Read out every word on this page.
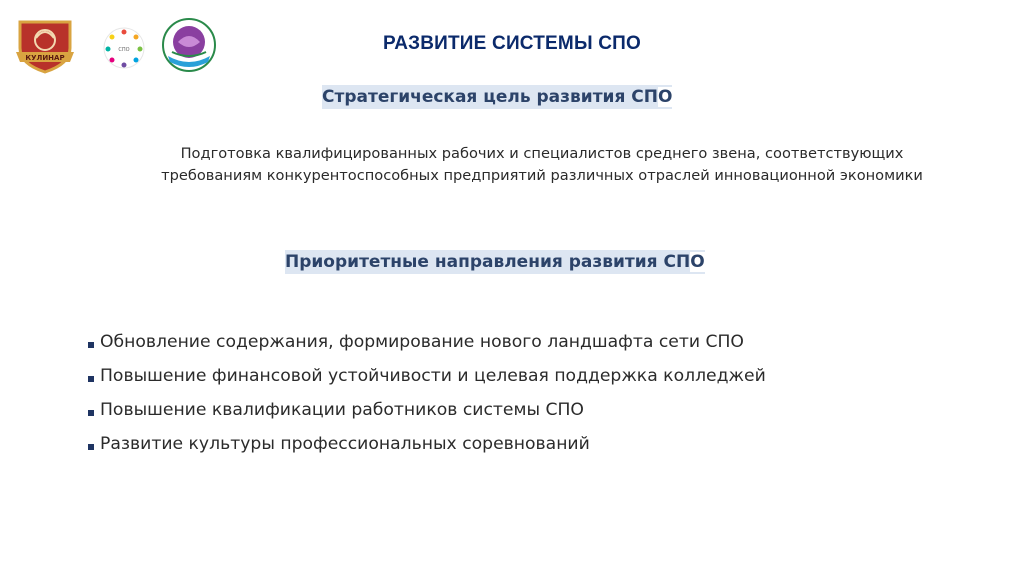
КУЛИНАР
СПО	РАЗВИТИЕ СИСТЕМЫ СПО
Стратегическая цель развития СПО
Подготовка квалифицированных рабочих и специалистов среднего звена, соответствующих
требованиям конкурентоспособных предприятий различных отраслей инновационной экономики
Приоритетные направления развития СПО
Обновление содержания, формирование нового ландшафта сети СПО
Повышение финансовой устойчивости и целевая поддержка колледжей
Повышение квалификации работников системы СПО
Развитие культуры профессиональных соревнований
